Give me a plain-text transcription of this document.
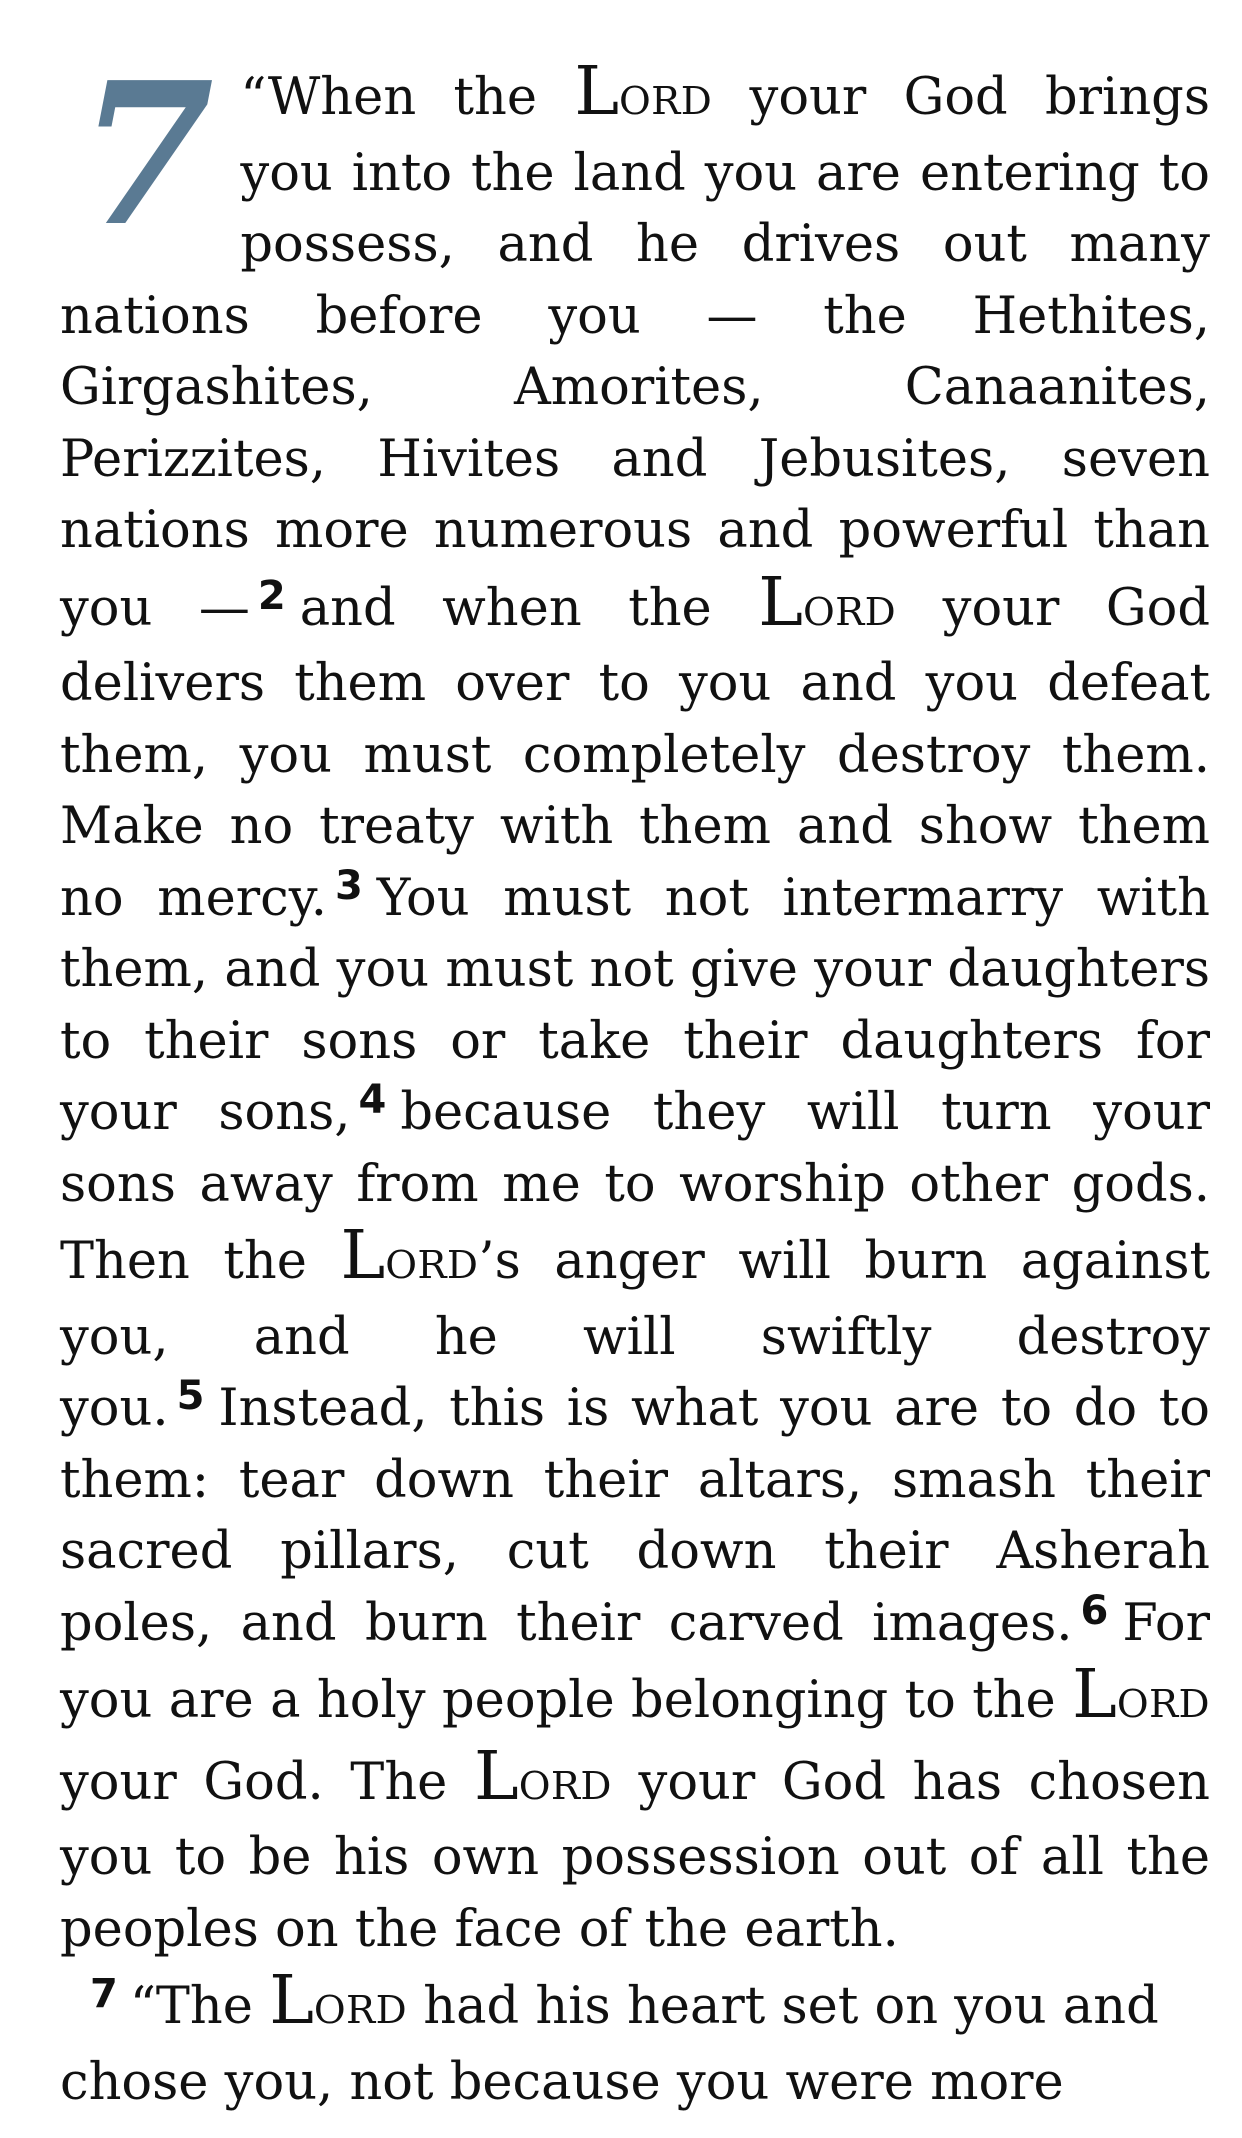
7 “When the LORD your God brings you into the land you are entering to possess, and he drives out many nations before you — the Hethites, Girgashites, Amorites, Canaanites, Perizzites, Hivites and Jebusites, seven nations more numerous and powerful than you — $^2$ and when the LORD your God delivers them over to you and you defeat them, you must completely destroy them. Make no treaty with them and show them no mercy. $^3$ You must not intermarry with them, and you must not give your daughters to their sons or take their daughters for your sons, $^4$ because they will turn your sons away from me to worship other gods. Then the LORD’s anger will burn against you, and he will swiftly destroy you. $^5$ Instead, this is what you are to do to them: tear down their altars, smash their sacred pillars, cut down their Asherah poles, and burn their carved images. $^6$ For you are a holy people belonging to the LORD your God. The LORD your God has chosen you to be his own possession out of all the peoples on the face of the earth.

$^7$ “The LORD had his heart set on you and chose you, not because you were more
